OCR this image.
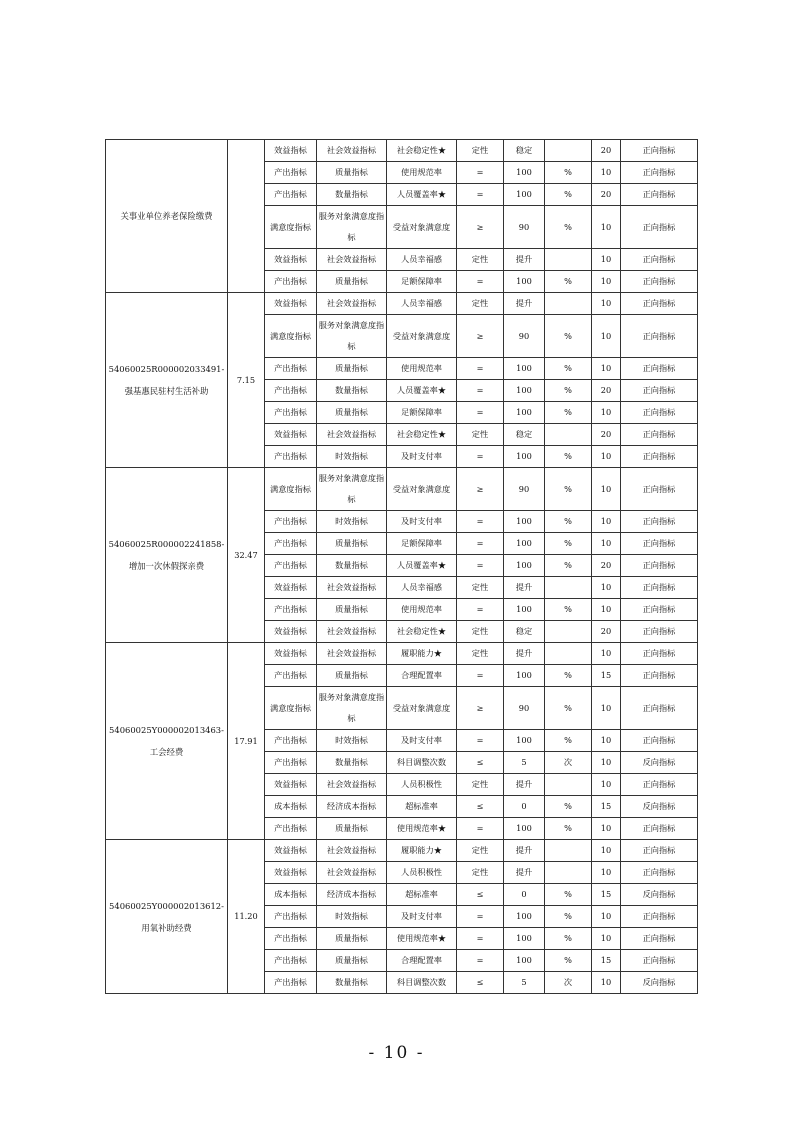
关事业单位养老保险缴费		效益指标	社会效益指标	社会稳定性★	定性	稳定		20	正向指标
		产出指标	质量指标	使用规范率	=	100	%	10	正向指标
		产出指标	数量指标	人员覆盖率★	=	100	%	20	正向指标
		满意度指标	服务对象满意度指标	受益对象满意度	≥	90	%	10	正向指标
		效益指标	社会效益指标	人员幸福感	定性	提升		10	正向指标
		产出指标	质量指标	足额保障率	=	100	%	10	正向指标
54060025R000002033491-强基惠民驻村生活补助	7.15	效益指标	社会效益指标	人员幸福感	定性	提升		10	正向指标
		满意度指标	服务对象满意度指标	受益对象满意度	≥	90	%	10	正向指标
		产出指标	质量指标	使用规范率	=	100	%	10	正向指标
		产出指标	数量指标	人员覆盖率★	=	100	%	20	正向指标
		产出指标	质量指标	足额保障率	=	100	%	10	正向指标
		效益指标	社会效益指标	社会稳定性★	定性	稳定		20	正向指标
		产出指标	时效指标	及时支付率	=	100	%	10	正向指标
54060025R000002241858-增加一次休假探亲费	32.47	满意度指标	服务对象满意度指标	受益对象满意度	≥	90	%	10	正向指标
		产出指标	时效指标	及时支付率	=	100	%	10	正向指标
		产出指标	质量指标	足额保障率	=	100	%	10	正向指标
		产出指标	数量指标	人员覆盖率★	=	100	%	20	正向指标
		效益指标	社会效益指标	人员幸福感	定性	提升		10	正向指标
		产出指标	质量指标	使用规范率	=	100	%	10	正向指标
		效益指标	社会效益指标	社会稳定性★	定性	稳定		20	正向指标
54060025Y000002013463-工会经费	17.91	效益指标	社会效益指标	履职能力★	定性	提升		10	正向指标
		产出指标	质量指标	合理配置率	=	100	%	15	正向指标
		满意度指标	服务对象满意度指标	受益对象满意度	≥	90	%	10	正向指标
		产出指标	时效指标	及时支付率	=	100	%	10	正向指标
		产出指标	数量指标	科目调整次数	≤	5	次	10	反向指标
		效益指标	社会效益指标	人员积极性	定性	提升		10	正向指标
		成本指标	经济成本指标	超标准率	≤	0	%	15	反向指标
		产出指标	质量指标	使用规范率★	=	100	%	10	正向指标
54060025Y000002013612-用氧补助经费	11.20	效益指标	社会效益指标	履职能力★	定性	提升		10	正向指标
		效益指标	社会效益指标	人员积极性	定性	提升		10	正向指标
		成本指标	经济成本指标	超标准率	≤	0	%	15	反向指标
		产出指标	时效指标	及时支付率	=	100	%	10	正向指标
		产出指标	质量指标	使用规范率★	=	100	%	10	正向指标
		产出指标	质量指标	合理配置率	=	100	%	15	正向指标
		产出指标	数量指标	科目调整次数	≤	5	次	10	反向指标
- 10 -
